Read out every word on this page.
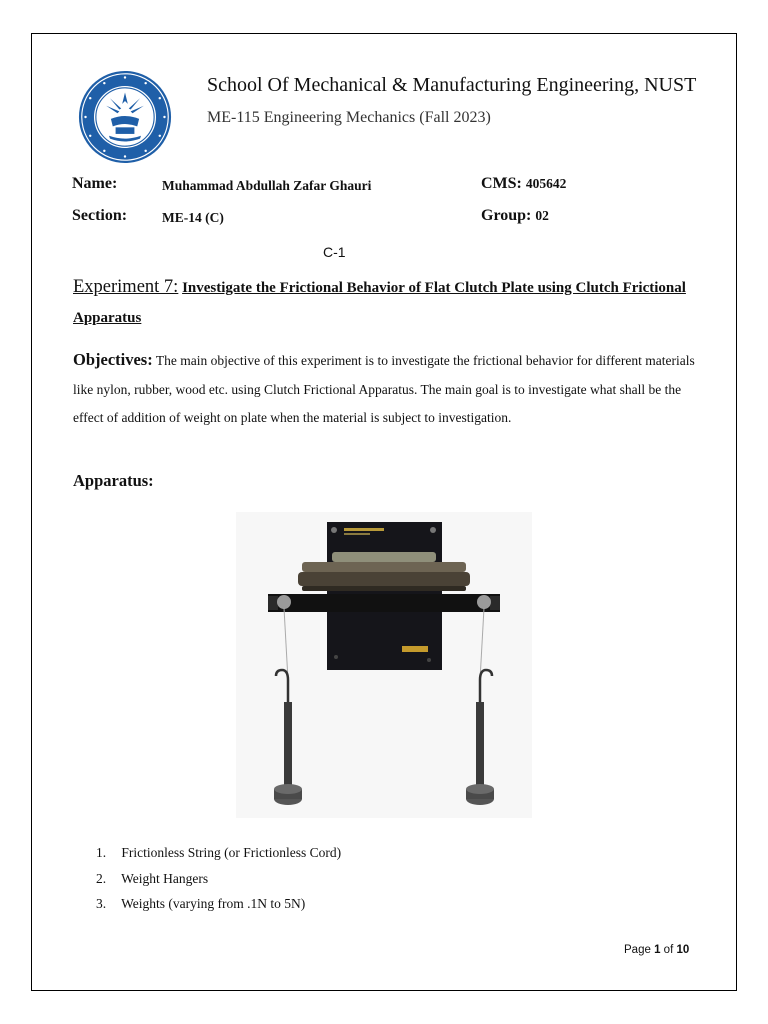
School Of Mechanical & Manufacturing Engineering, NUST
ME-115 Engineering Mechanics (Fall 2023)
Name:	Muhammad Abdullah Zafar Ghauri	CMS: 405642
Section:	ME-14 (C)	Group: 02
C-1
Experiment 7: Investigate the Frictional Behavior of Flat Clutch Plate using Clutch Frictional Apparatus
Objectives: The main objective of this experiment is to investigate the frictional behavior for different materials like nylon, rubber, wood etc. using Clutch Frictional Apparatus. The main goal is to investigate what shall be the effect of addition of weight on plate when the material is subject to investigation.
Apparatus:
1. Frictionless String (or Frictionless Cord)
2. Weight Hangers
3. Weights (varying from .1N to 5N)
Page 1 of 10
